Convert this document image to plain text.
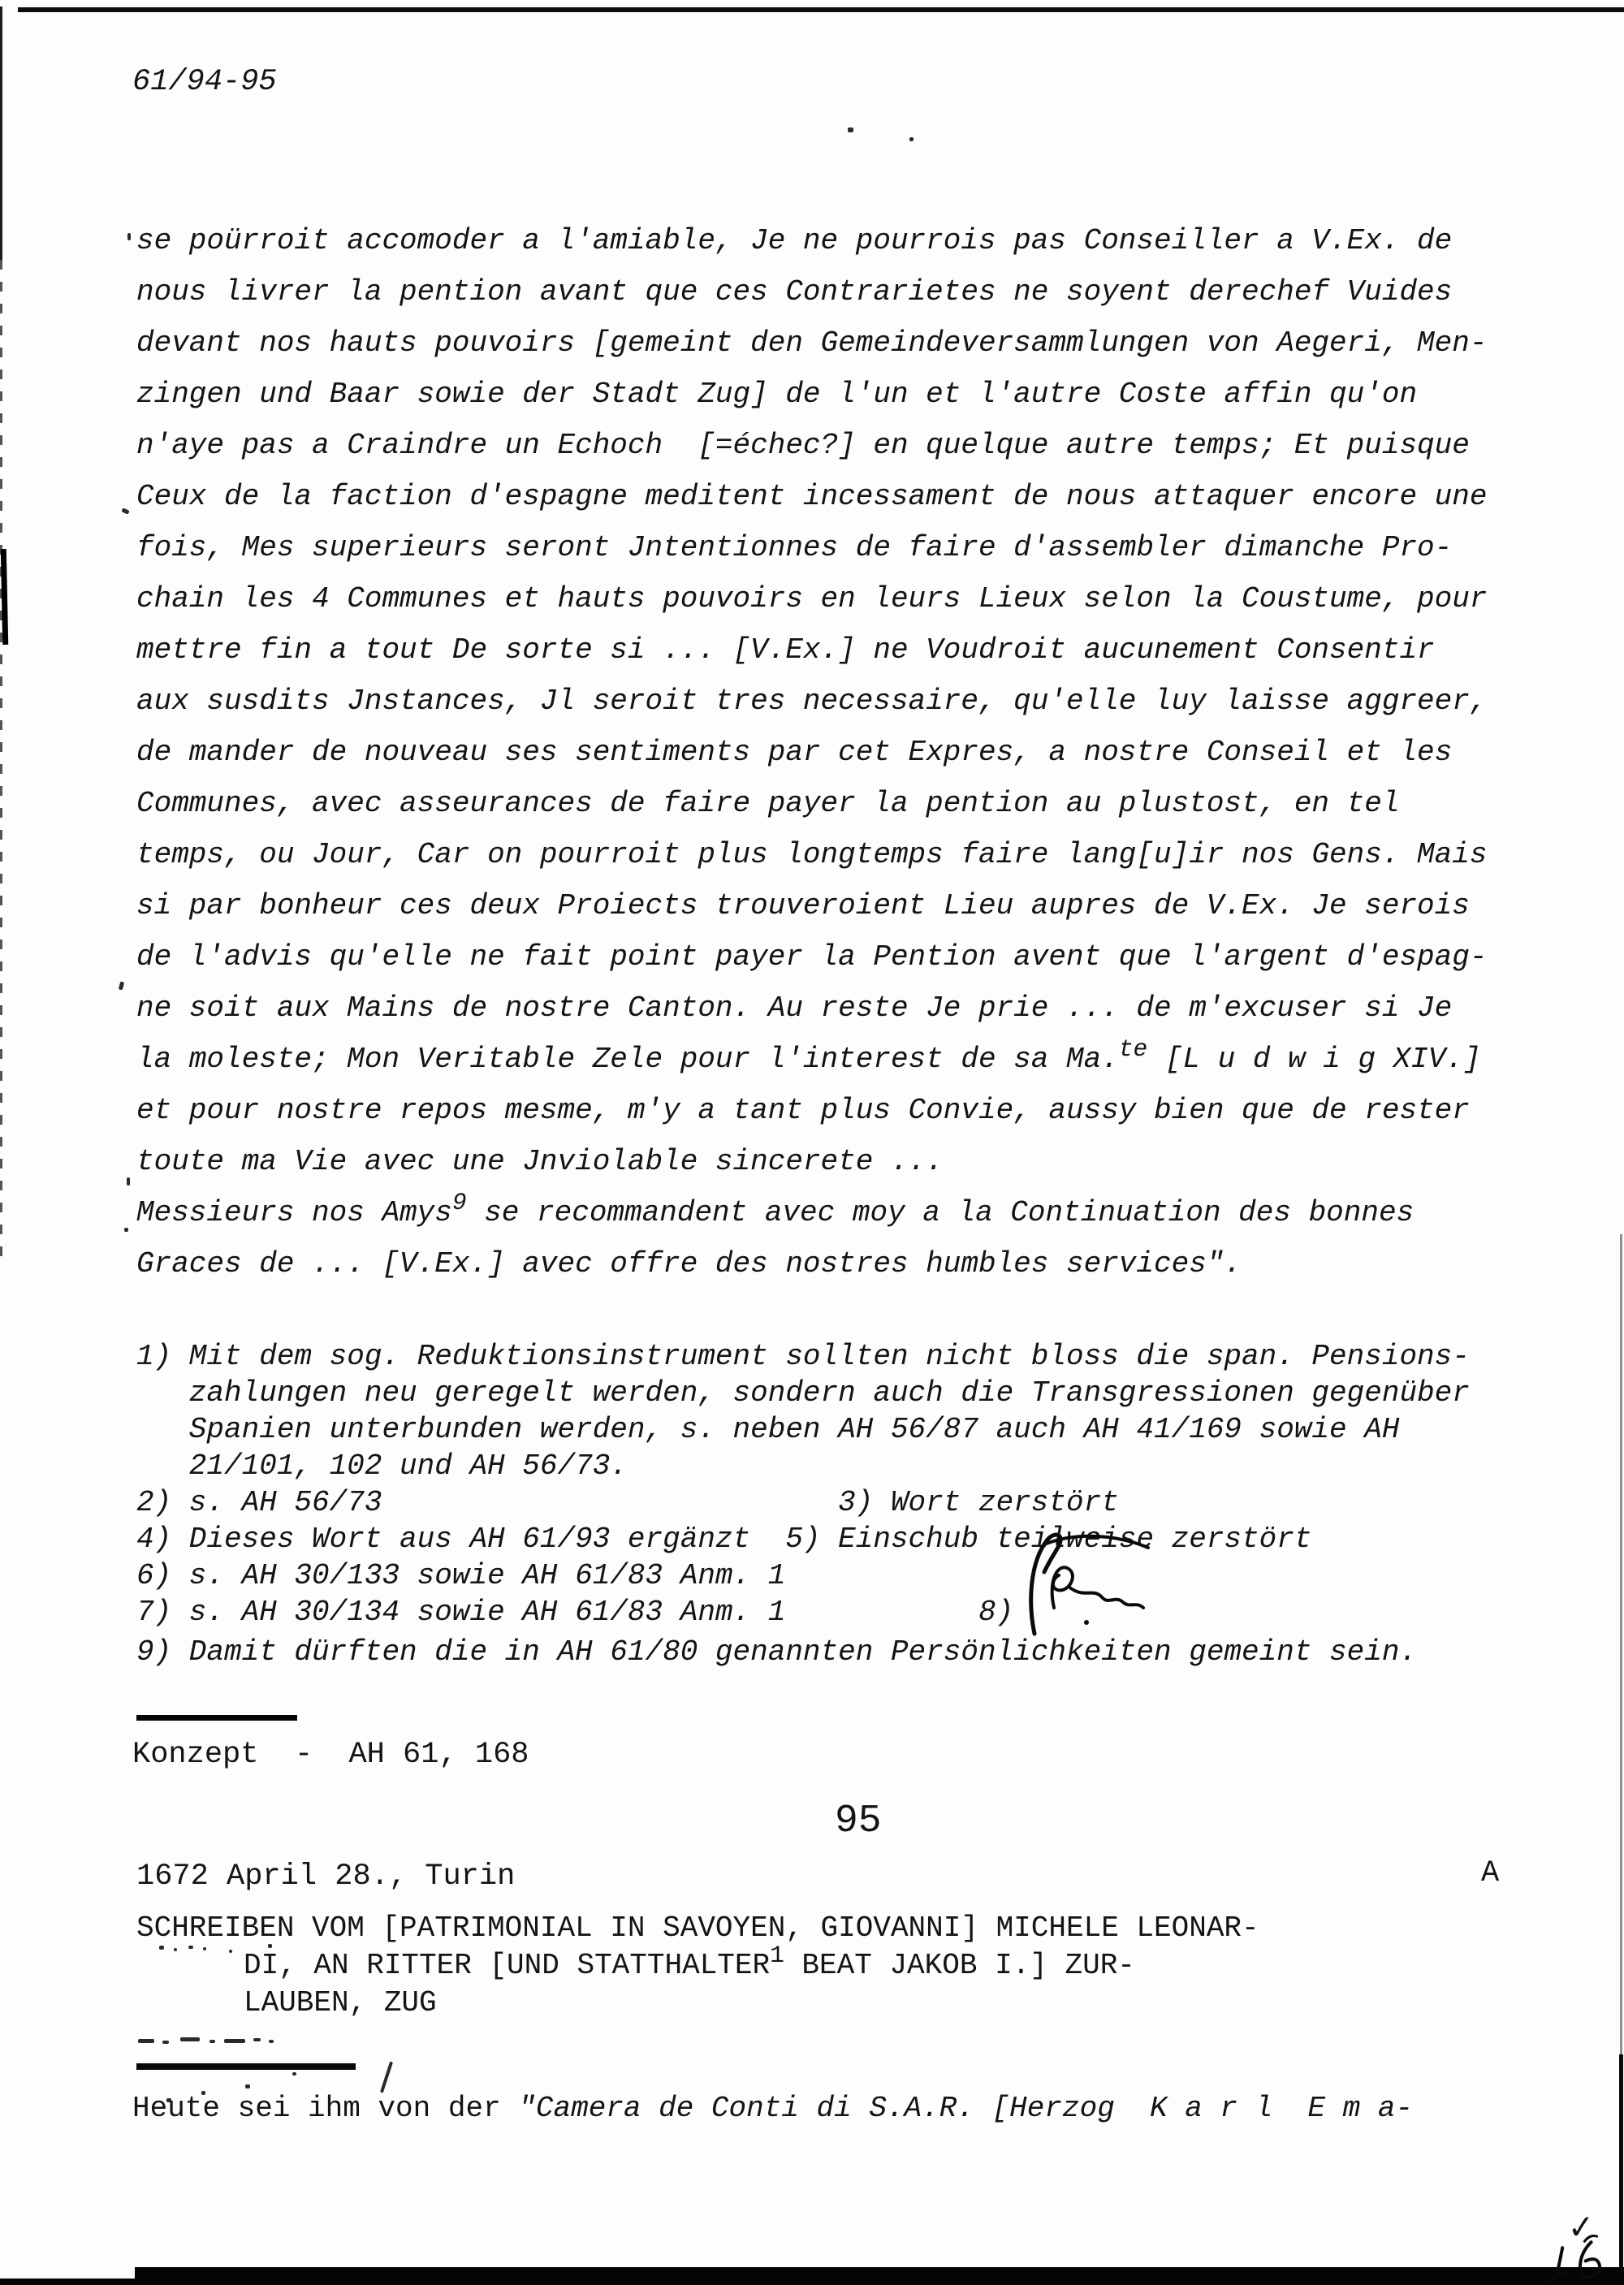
61/94-95
se poürroit accomoder a l'amiable, Je ne pourrois pas Conseiller a V.Ex. de
nous livrer la pention avant que ces Contrarietes ne soyent derechef Vuides
devant nos hauts pouvoirs [gemeint den Gemeindeversammlungen von Aegeri, Men-
zingen und Baar sowie der Stadt Zug] de l'un et l'autre Coste affin qu'on
n'aye pas a Craindre un Echoch  [=échec?] en quelque autre temps; Et puisque
Ceux de la faction d'espagne meditent incessament de nous attaquer encore une
fois, Mes superieurs seront Jntentionnes de faire d'assembler dimanche Pro-
chain les 4 Communes et hauts pouvoirs en leurs Lieux selon la Coustume, pour
mettre fin a tout De sorte si ... [V.Ex.] ne Voudroit aucunement Consentir
aux susdits Jnstances, Jl seroit tres necessaire, qu'elle luy laisse aggreer,
de mander de nouveau ses sentiments par cet Expres, a nostre Conseil et les
Communes, avec asseurances de faire payer la pention au plustost, en tel
temps, ou Jour, Car on pourroit plus longtemps faire lang[u]ir nos Gens. Mais
si par bonheur ces deux Proiects trouveroient Lieu aupres de V.Ex. Je serois
de l'advis qu'elle ne fait point payer la Pention avent que l'argent d'espag-
ne soit aux Mains de nostre Canton. Au reste Je prie ... de m'excuser si Je
la moleste; Mon Veritable Zele pour l'interest de sa Ma.$^{te}$ [L u d w i g XIV.]
et pour nostre repos mesme, m'y a tant plus Convie, aussy bien que de rester
toute ma Vie avec une Jnviolable sincerete ...
Messieurs nos Amys$^9$ se recommandent avec moy a la Continuation des bonnes
Graces de ... [V.Ex.] avec offre des nostres humbles services".
1) Mit dem sog. Reduktionsinstrument sollten nicht bloss die span. Pensions-
zahlungen neu geregelt werden, sondern auch die Transgressionen gegenüber
Spanien unterbunden werden, s. neben AH 56/87 auch AH 41/169 sowie AH
21/101, 102 und AH 56/73.
2) s. AH 56/73                          3) Wort zerstört
4) Dieses Wort aus AH 61/93 ergänzt  5) Einschub teilweise zerstört
6) s. AH 30/133 sowie AH 61/83 Anm. 1
7) s. AH 30/134 sowie AH 61/83 Anm. 1           8)
9) Damit dürften die in AH 61/80 genannten Persönlichkeiten gemeint sein.
Konzept  -  AH 61, 168
95
1672 April 28., Turin	A
SCHREIBEN VOM [PATRIMONIAL IN SAVOYEN, GIOVANNI] MICHELE LEONAR-
DI, AN RITTER [UND STATTHALTER$^1$ BEAT JAKOB I.] ZUR-
LAUBEN, ZUG
Heute sei ihm von der "Camera de Conti di S.A.R. [Herzog  K a r l  E m a-
✓
